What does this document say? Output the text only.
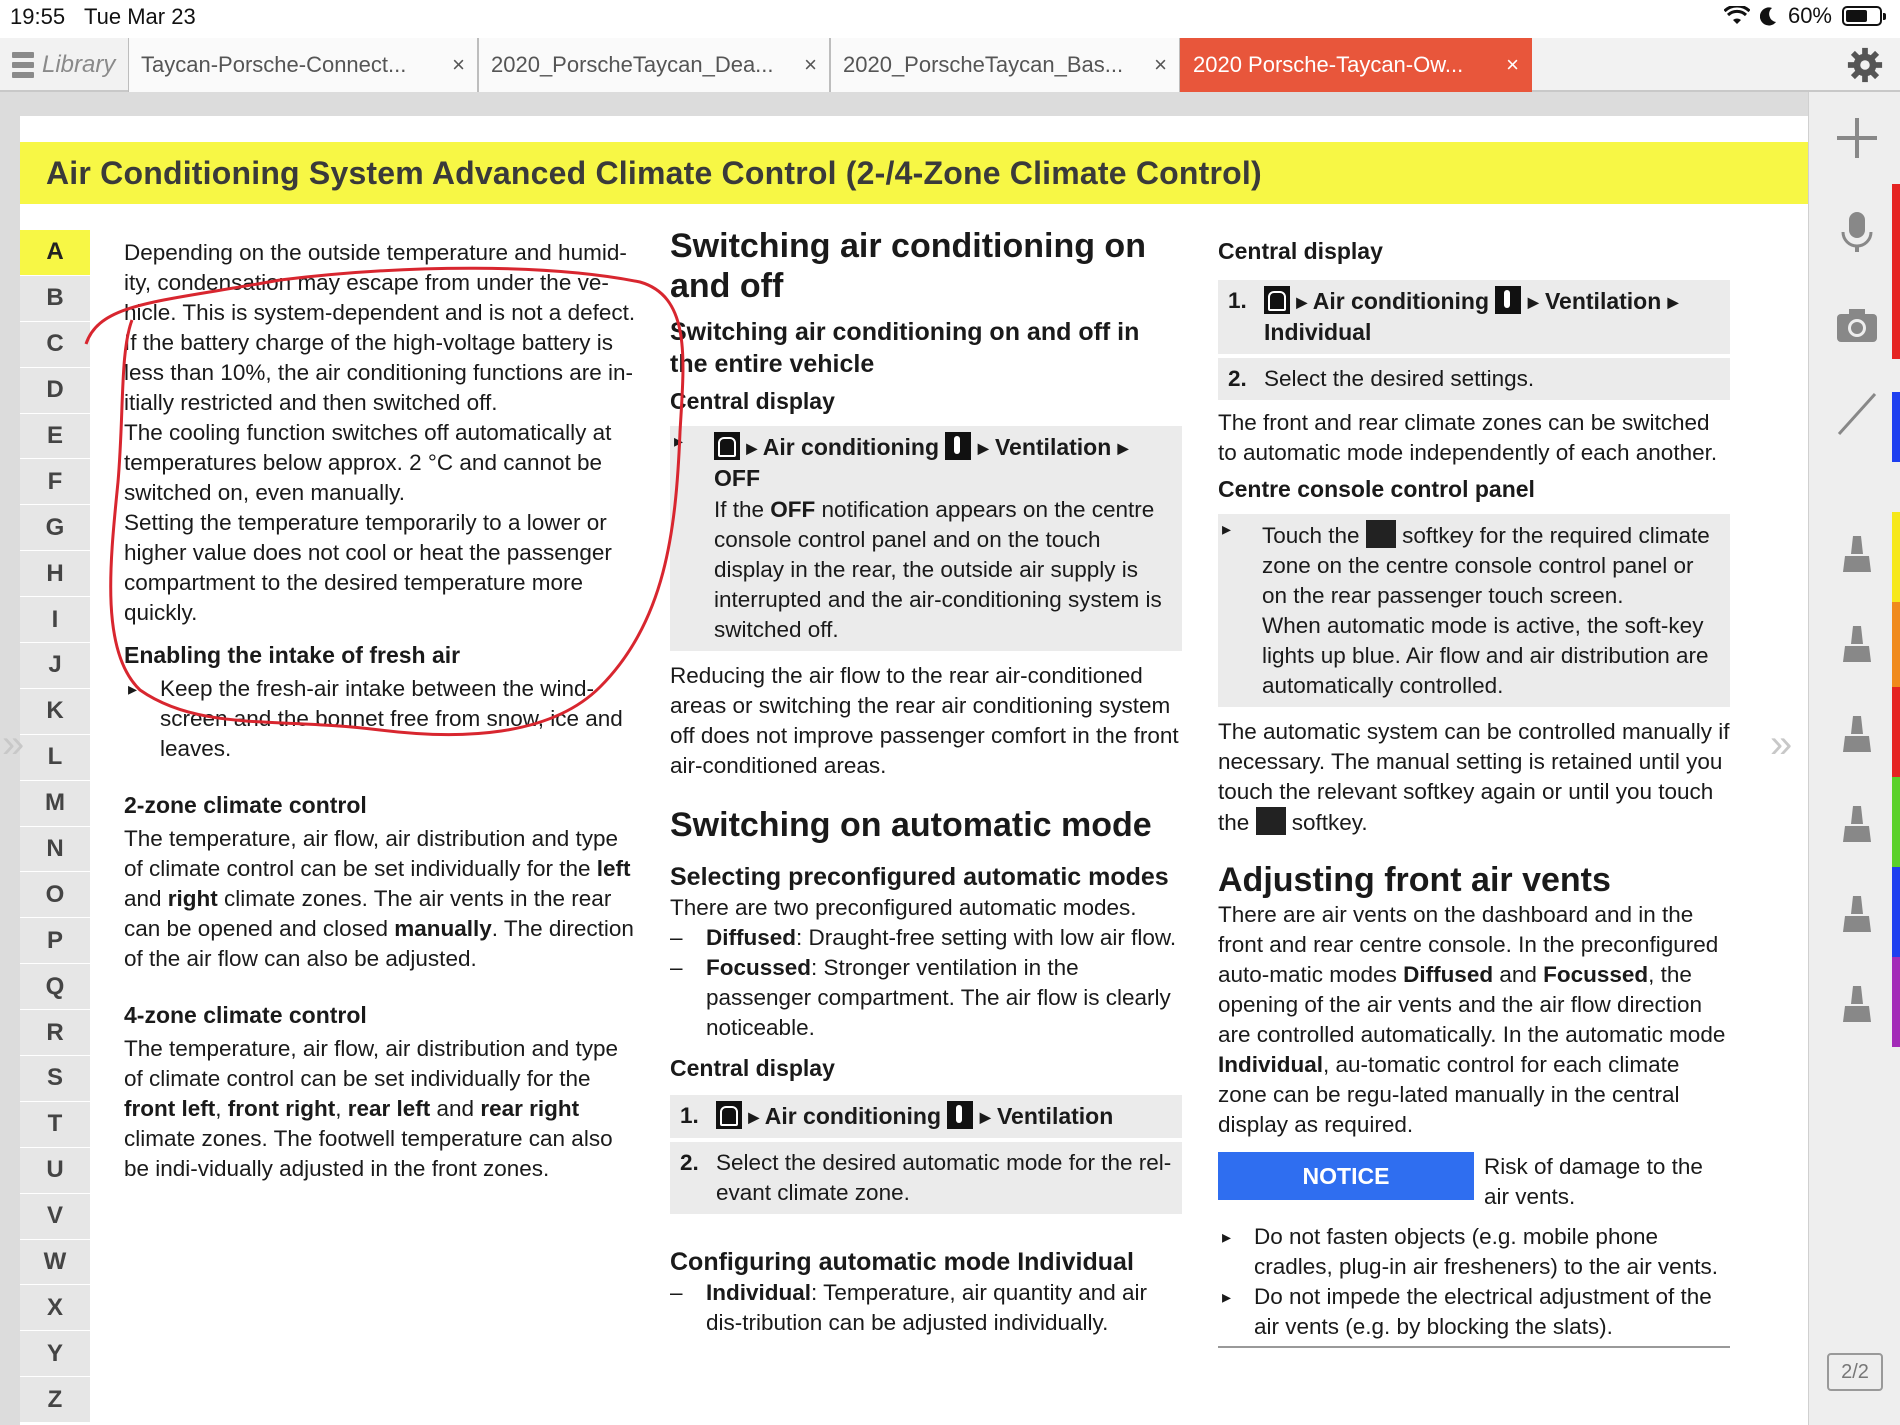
19:55 Tue Mar 23	60%
Library Taycan-Porsche-Connect... × 2020_PorscheTaycan_Dea... × 2020_PorscheTaycan_Bas... × 2020 Porsche-Taycan-Ow... ×
Air Conditioning System Advanced Climate Control (2-/4-Zone Climate Control)
A
B
C
D
E
F
G
H
I
J
K
L
M
N
O
P
Q
R
S
T
U
V
W
X
Y
Z
»	»

Depending on the outside temperature and humid-ity, condensation may escape from under the ve-hicle. This is system-dependent and is not a defect.

If the battery charge of the high-voltage battery is less than 10%, the air conditioning functions are in-itially restricted and then switched off.

The cooling function switches off automatically at temperatures below approx. 2 °C and cannot be switched on, even manually.

Setting the temperature temporarily to a lower or higher value does not cool or heat the passenger compartment to the desired temperature more quickly.

Enabling the intake of fresh air

▸ Keep the fresh-air intake between the wind-screen and the bonnet free from snow, ice and leaves.

2-zone climate control

The temperature, air flow, air distribution and type of climate control can be set individually for the left and right climate zones. The air vents in the rear can be opened and closed manually. The direction of the air flow can also be adjusted.

4-zone climate control

The temperature, air flow, air distribution and type of climate control can be set individually for the front left, front right, rear left and rear right climate zones. The footwell temperature can also be indi-vidually adjusted in the front zones.

Switching air conditioning on and off
Switching air conditioning on and off in the entire vehicle
Central display
▸ ▶ Air conditioning	▶ Ventilation ▶ OFF

If the OFF notification appears on the centre console control panel and on the touch display in the rear, the outside air supply is interrupted and the air-conditioning system is switched off.

Reducing the air flow to the rear air-conditioned areas or switching the rear air conditioning system off does not improve passenger comfort in the front air-conditioned areas.

Switching on automatic mode
Selecting preconfigured automatic modes

There are two preconfigured automatic modes.

– Diffused: Draught-free setting with low air flow.

– Focussed: Stronger ventilation in the passenger compartment. The air flow is clearly noticeable.

Central display
1.	▶ Air conditioning	▶ Ventilation
2. Select the desired automatic mode for the rel-evant climate zone.
Configuring automatic mode Individual

– Individual: Temperature, air quantity and air dis-tribution can be adjusted individually.

Central display
1.	▶ Air conditioning	▶ Ventilation ▶ Individual
2. Select the desired settings.

The front and rear climate zones can be switched to automatic mode independently of each another.

Centre console control panel

▸ Touch the  softkey for the required climate zone on the centre console control panel or on the rear passenger touch screen.

When automatic mode is active, the soft-key lights up blue. Air flow and air distribution are automatically controlled.

The automatic system can be controlled manually if necessary. The manual setting is retained until you touch the relevant softkey again or until you touch the  softkey.

Adjusting front air vents

There are air vents on the dashboard and in the front and rear centre console. In the preconfigured auto-matic modes Diffused and Focussed, the opening of the air vents and the air flow direction are controlled automatically. In the automatic mode Individual, au-tomatic control for each climate zone can be regu-lated manually in the central display as required.

NOTICE	Risk of damage to the air vents.

▸ Do not fasten objects (e.g. mobile phone cradles, plug-in air fresheners) to the air vents.

▸ Do not impede the electrical adjustment of the air vents (e.g. by blocking the slats).

2/2
